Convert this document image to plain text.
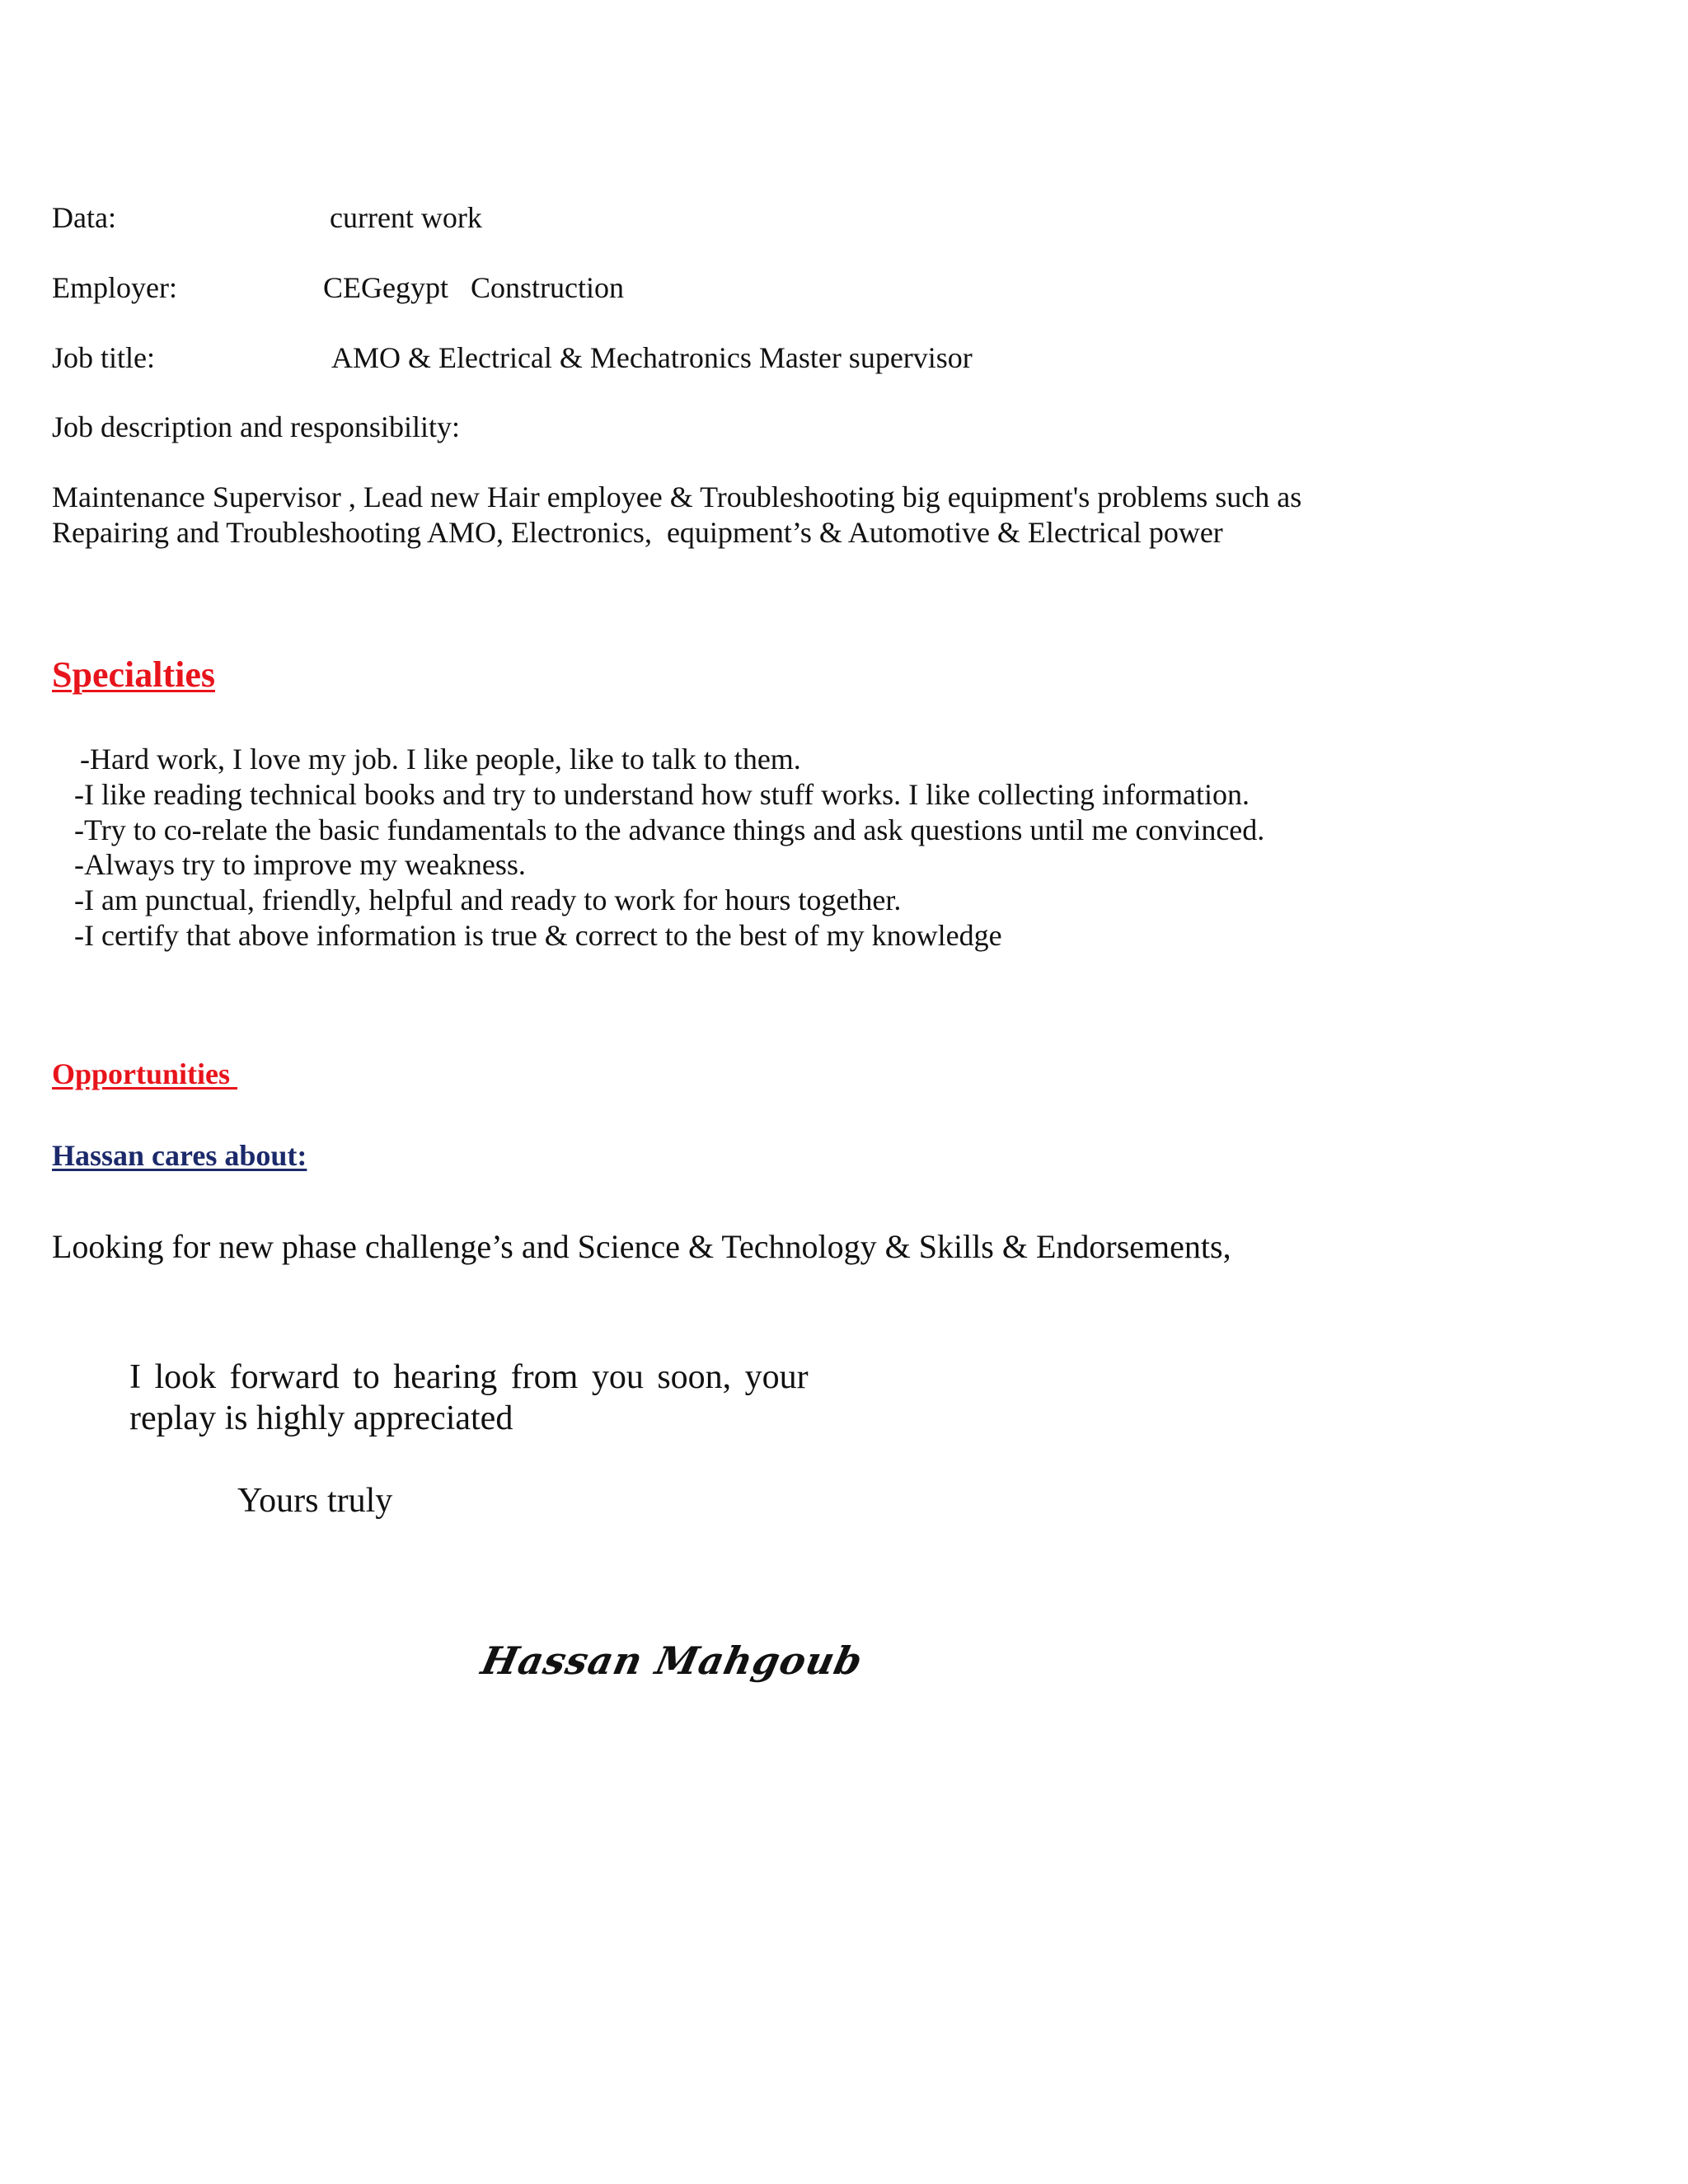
Data:	current work
Employer:	CEGegypt   Construction
Job title:	AMO & Electrical & Mechatronics Master supervisor
Job description and responsibility:
Maintenance Supervisor , Lead new Hair employee & Troubleshooting big equipment's problems such as
Repairing and Troubleshooting AMO, Electronics,  equipment’s & Automotive & Electrical power
Specialties
-Hard work, I love my job. I like people, like to talk to them.
-I like reading technical books and try to understand how stuff works. I like collecting information.
-Try to co-relate the basic fundamentals to the advance things and ask questions until me convinced.
-Always try to improve my weakness.
-I am punctual, friendly, helpful and ready to work for hours together.
-I certify that above information is true & correct to the best of my knowledge
Opportunities
Hassan cares about:
Looking for new phase challenge’s and Science & Technology & Skills & Endorsements,
I look forward to hearing from you soon, your
replay is highly appreciated
Yours truly
Hassan Mahgoub
